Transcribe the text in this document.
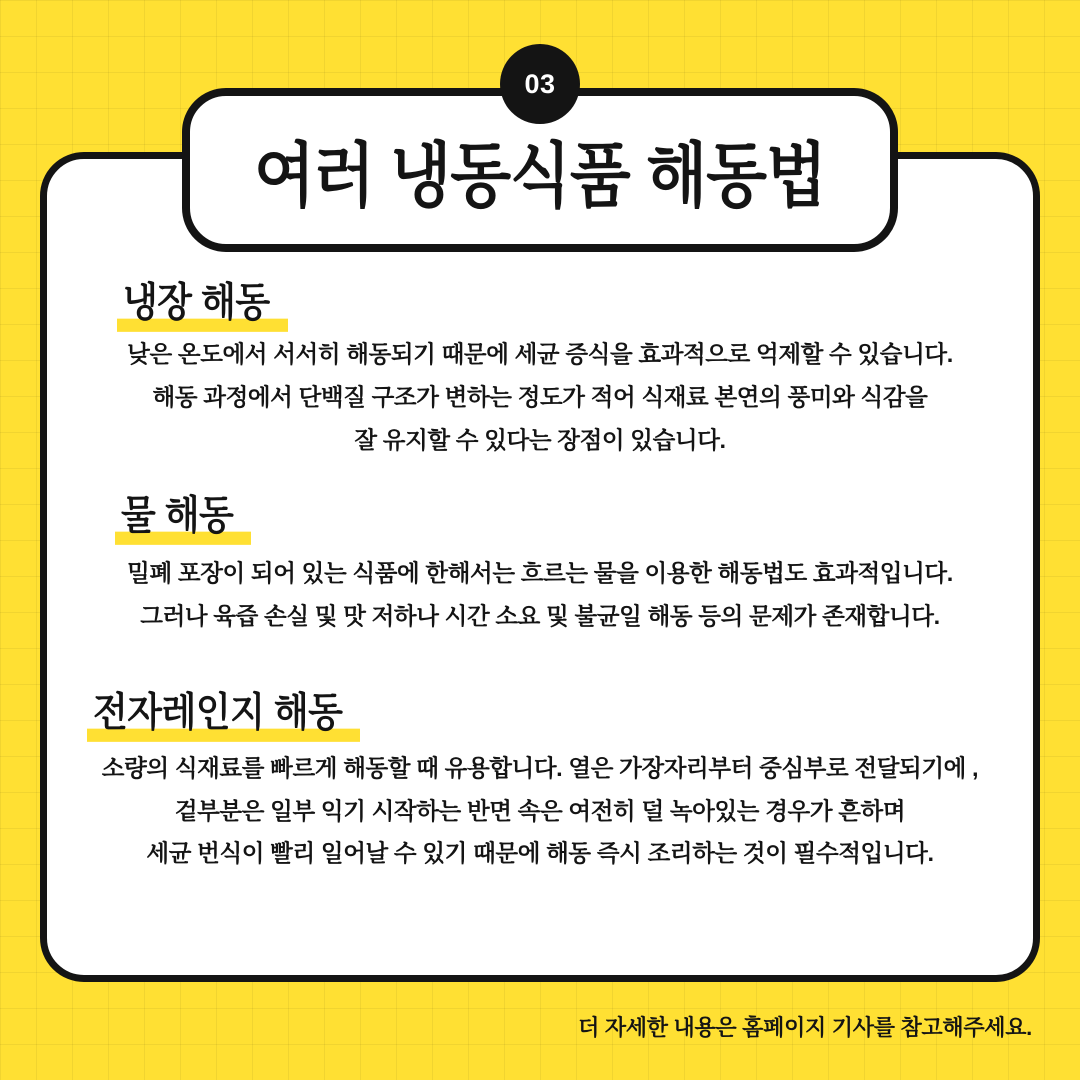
여러 냉동식품 해동법
03
냉장 해동
낮은 온도에서 서서히 해동되기 때문에 세균 증식을 효과적으로 억제할 수 있습니다.
해동 과정에서 단백질 구조가 변하는 정도가 적어 식재료 본연의 풍미와 식감을
잘 유지할 수 있다는 장점이 있습니다.
물 해동
밀폐 포장이 되어 있는 식품에 한해서는 흐르는 물을 이용한 해동법도 효과적입니다.
그러나 육즙 손실 및 맛 저하나 시간 소요 및 불균일 해동 등의 문제가 존재합니다.
전자레인지 해동
소량의 식재료를 빠르게 해동할 때 유용합니다. 열은 가장자리부터 중심부로 전달되기에 ,
겉부분은 일부 익기 시작하는 반면 속은 여전히 덜 녹아있는 경우가 흔하며
세균 번식이 빨리 일어날 수 있기 때문에 해동 즉시 조리하는 것이 필수적입니다.
더 자세한 내용은 홈페이지 기사를 참고해주세요.
